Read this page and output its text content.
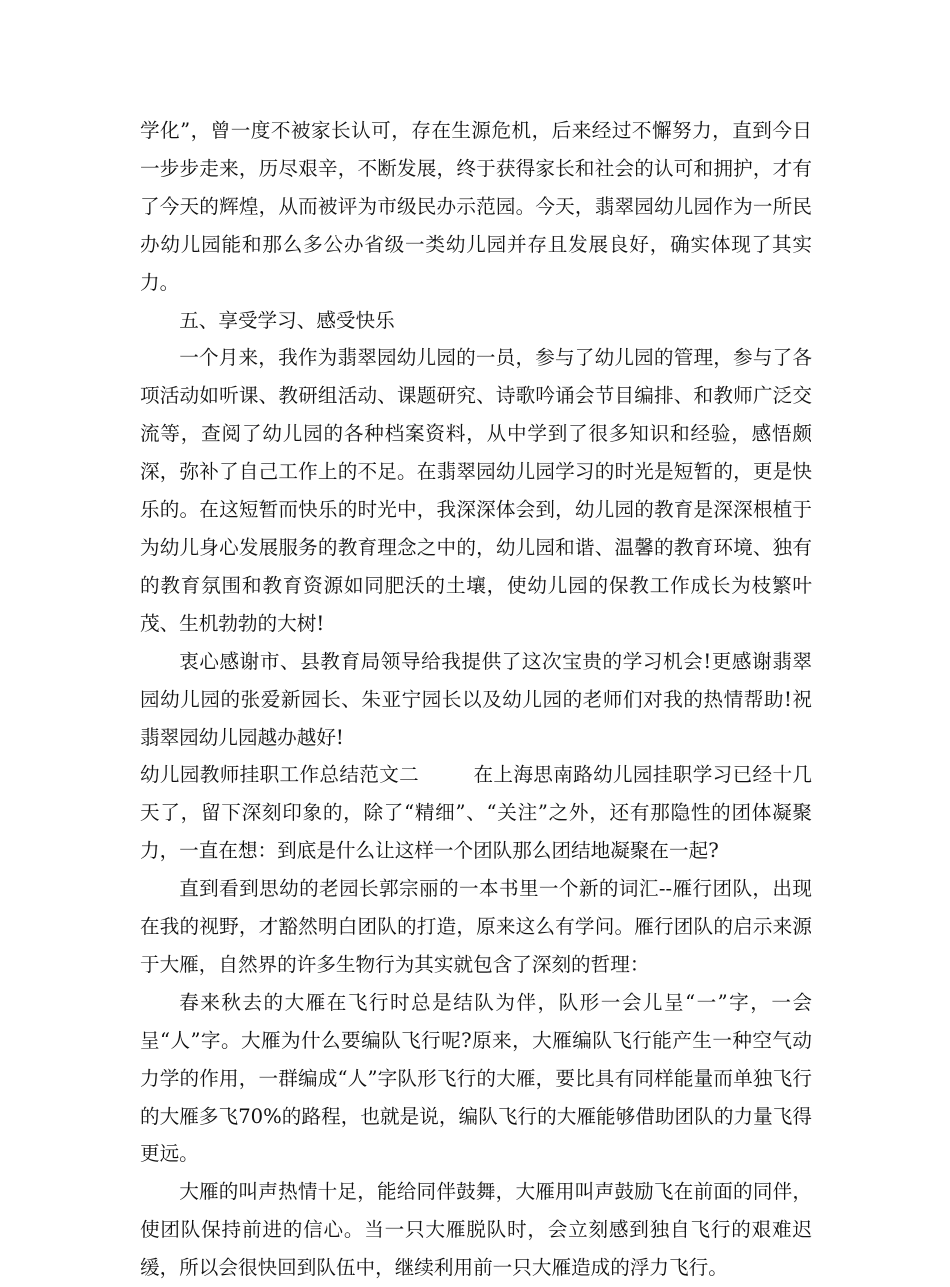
学化”，曾一度不被家长认可，存在生源危机，后来经过不懈努力，直到今日一步步走来，历尽艰辛，不断发展，终于获得家长和社会的认可和拥护，才有了今天的辉煌，从而被评为市级民办示范园。今天，翡翠园幼儿园作为一所民办幼儿园能和那么多公办省级一类幼儿园并存且发展良好，确实体现了其实力。

五、享受学习、感受快乐

一个月来，我作为翡翠园幼儿园的一员，参与了幼儿园的管理，参与了各项活动如听课、教研组活动、课题研究、诗歌吟诵会节目编排、和教师广泛交流等，查阅了幼儿园的各种档案资料，从中学到了很多知识和经验，感悟颇深，弥补了自己工作上的不足。在翡翠园幼儿园学习的时光是短暂的，更是快乐的。在这短暂而快乐的时光中，我深深体会到，幼儿园的教育是深深根植于为幼儿身心发展服务的教育理念之中的，幼儿园和谐、温馨的教育环境、独有的教育氛围和教育资源如同肥沃的土壤，使幼儿园的保教工作成长为枝繁叶茂、生机勃勃的大树!

衷心感谢市、县教育局领导给我提供了这次宝贵的学习机会!更感谢翡翠园幼儿园的张爱新园长、朱亚宁园长以及幼儿园的老师们对我的热情帮助!祝翡翠园幼儿园越办越好!

幼儿园教师挂职工作总结范文二	在上海思南路幼儿园挂职学习已经十几天了，留下深刻印象的，除了“精细”、“关注”之外，还有那隐性的团体凝聚力，一直在想：到底是什么让这样一个团队那么团结地凝聚在一起?

直到看到思幼的老园长郭宗丽的一本书里一个新的词汇--雁行团队，出现在我的视野，才豁然明白团队的打造，原来这么有学问。雁行团队的启示来源于大雁，自然界的许多生物行为其实就包含了深刻的哲理：

春来秋去的大雁在飞行时总是结队为伴，队形一会儿呈“一”字，一会呈“人”字。大雁为什么要编队飞行呢?原来，大雁编队飞行能产生一种空气动力学的作用，一群编成“人”字队形飞行的大雁，要比具有同样能量而单独飞行的大雁多飞70%的路程，也就是说，编队飞行的大雁能够借助团队的力量飞得更远。

大雁的叫声热情十足，能给同伴鼓舞，大雁用叫声鼓励飞在前面的同伴，使团队保持前进的信心。当一只大雁脱队时，会立刻感到独自飞行的艰难迟缓，所以会很快回到队伍中，继续利用前一只大雁造成的浮力飞行。
